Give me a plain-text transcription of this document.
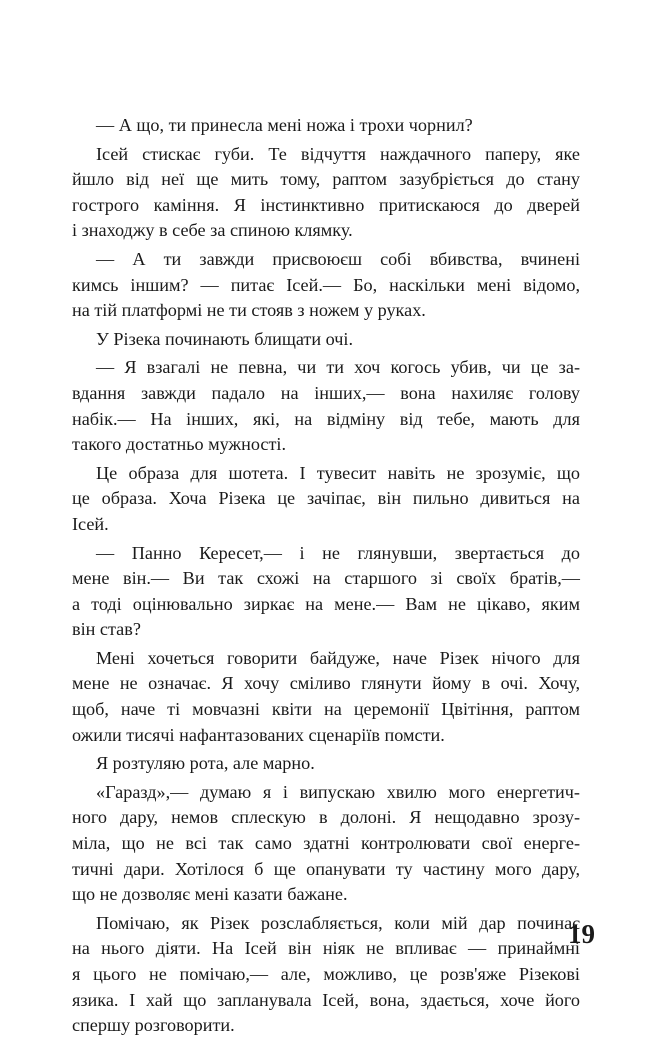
— А що, ти принесла мені ножа і трохи чорнил?
Ісей стискає губи. Те відчуття наждачного паперу, яке
йшло від неї ще мить тому, раптом зазубріється до стану
гострого каміння. Я інстинктивно притискаюся до дверей
і знаходжу в себе за спиною клямку.
— А ти завжди присвоюєш собі вбивства, вчинені
кимсь іншим? — питає Ісей.— Бо, наскільки мені відомо,
на тій платформі не ти стояв з ножем у руках.
У Різека починають блищати очі.
— Я взагалі не певна, чи ти хоч когось убив, чи це за-
вдання завжди падало на інших,— вона нахиляє голову
набік.— На інших, які, на відміну від тебе, мають для
такого достатньо мужності.
Це образа для шотета. І тувесит навіть не зрозуміє, що
це образа. Хоча Різека це зачіпає, він пильно дивиться на
Ісей.
— Панно Кересет,— і не глянувши, звертається до
мене він.— Ви так схожі на старшого зі своїх братів,—
а тоді оцінювально зиркає на мене.— Вам не цікаво, яким
він став?
Мені хочеться говорити байдуже, наче Різек нічого для
мене не означає. Я хочу сміливо глянути йому в очі. Хочу,
щоб, наче ті мовчазні квіти на церемонії Цвітіння, раптом
ожили тисячі нафантазованих сценаріїв помсти.
Я розтуляю рота, але марно.
«Гаразд»,— думаю я і випускаю хвилю мого енергетич-
ного дару, немов сплескую в долоні. Я нещодавно зрозу-
міла, що не всі так само здатні контролювати свої енерге-
тичні дари. Хотілося б ще опанувати ту частину мого дару,
що не дозволяє мені казати бажане.
Помічаю, як Різек розслабляється, коли мій дар починає
на нього діяти. На Ісей він ніяк не впливає — принаймні
я цього не помічаю,— але, можливо, це розв'яже Різекові
язика. І хай що запланувала Ісей, вона, здається, хоче його
спершу розговорити.
19
